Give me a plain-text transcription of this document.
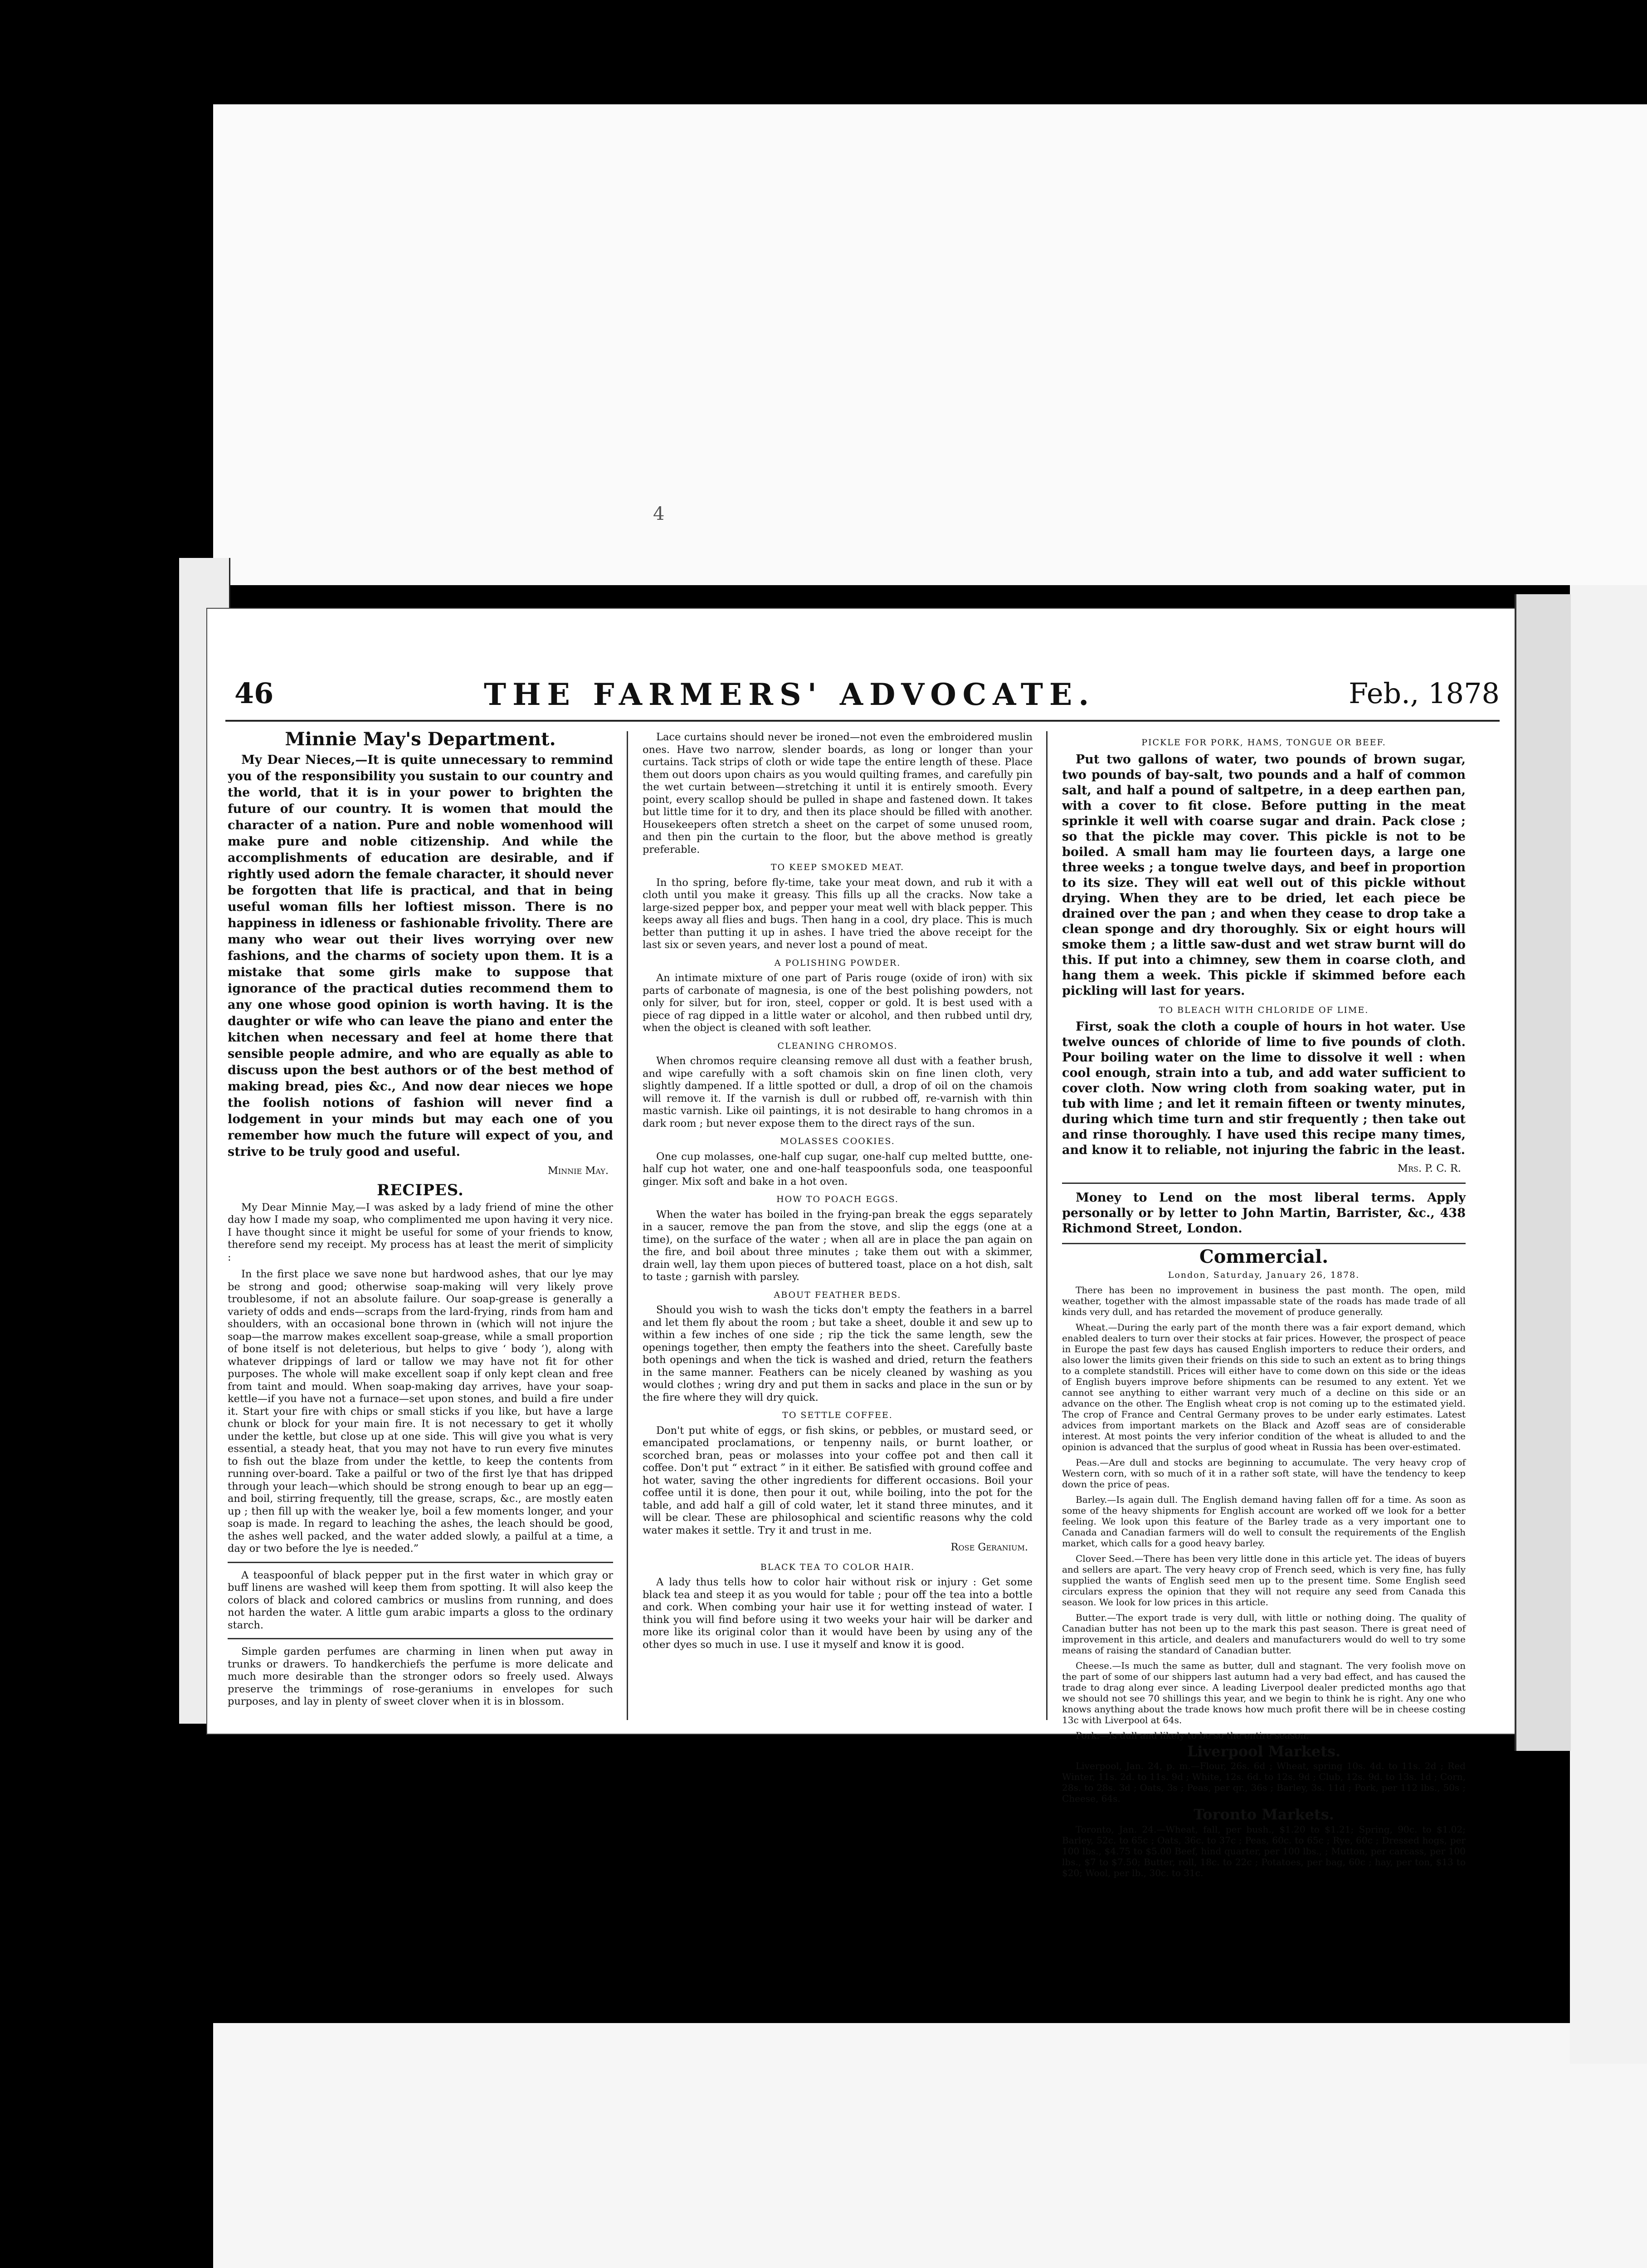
4
46	THE FARMERS' ADVOCATE.	Feb., 1878
Minnie May's Department.

My Dear Nieces,—It is quite unnecessary to remmind you of the responsibility you sustain to our country and the world, that it is in your power to brighten the future of our country. It is women that mould the character of a nation. Pure and noble womenhood will make pure and noble citizenship. And while the accomplishments of education are desirable, and if rightly used adorn the female character, it should never be forgotten that life is practical, and that in being useful woman fills her loftiest misson. There is no happiness in idleness or fashionable frivolity. There are many who wear out their lives worrying over new fashions, and the charms of society upon them. It is a mistake that some girls make to suppose that ignorance of the practical duties recommend them to any one whose good opinion is worth having. It is the daughter or wife who can leave the piano and enter the kitchen when necessary and feel at home there that sensible people admire, and who are equally as able to discuss upon the best authors or of the best method of making bread, pies &c., And now dear nieces we hope the foolish notions of fashion will never find a lodgement in your minds but may each one of you remember how much the future will expect of you, and strive to be truly good and useful.

Minnie May.
RECIPES.

My Dear Minnie May,—I was asked by a lady friend of mine the other day how I made my soap, who complimented me upon having it very nice. I have thought since it might be useful for some of your friends to know, therefore send my receipt. My process has at least the merit of simplicity :

In the first place we save none but hardwood ashes, that our lye may be strong and good; otherwise soap-making will very likely prove troublesome, if not an absolute failure. Our soap-grease is generally a variety of odds and ends—scraps from the lard-frying, rinds from ham and shoulders, with an occasional bone thrown in (which will not injure the soap—the marrow makes excellent soap-grease, while a small proportion of bone itself is not deleterious, but helps to give ‘ body ’), along with whatever drippings of lard or tallow we may have not fit for other purposes. The whole will make excellent soap if only kept clean and free from taint and mould. When soap-making day arrives, have your soap-kettle—if you have not a furnace—set upon stones, and build a fire under it. Start your fire with chips or small sticks if you like, but have a large chunk or block for your main fire. It is not necessary to get it wholly under the kettle, but close up at one side. This will give you what is very essential, a steady heat, that you may not have to run every five minutes to fish out the blaze from under the kettle, to keep the contents from running over-board. Take a pailful or two of the first lye that has dripped through your leach—which should be strong enough to bear up an egg—and boil, stirring frequently, till the grease, scraps, &c., are mostly eaten up ; then fill up with the weaker lye, boil a few moments longer, and your soap is made. In regard to leaching the ashes, the leach should be good, the ashes well packed, and the water added slowly, a pailful at a time, a day or two before the lye is needed.”

A teaspoonful of black pepper put in the first water in which gray or buff linens are washed will keep them from spotting. It will also keep the colors of black and colored cambrics or muslins from running, and does not harden the water. A little gum arabic imparts a gloss to the ordinary starch.

Simple garden perfumes are charming in linen when put away in trunks or drawers. To handkerchiefs the perfume is more delicate and much more desirable than the stronger odors so freely used. Always preserve the trimmings of rose-geraniums in envelopes for such purposes, and lay in plenty of sweet clover when it is in blossom.

Lace curtains should never be ironed—not even the embroidered muslin ones. Have two narrow, slender boards, as long or longer than your curtains. Tack strips of cloth or wide tape the entire length of these. Place them out doors upon chairs as you would quilting frames, and carefully pin the wet curtain between—stretching it until it is entirely smooth. Every point, every scallop should be pulled in shape and fastened down. It takes but little time for it to dry, and then its place should be filled with another. Housekeepers often stretch a sheet on the carpet of some unused room, and then pin the curtain to the floor, but the above method is greatly preferable.

TO KEEP SMOKED MEAT.

In tho spring, before fly-time, take your meat down, and rub it with a cloth until you make it greasy. This fills up all the cracks. Now take a large-sized pepper box, and pepper your meat well with black pepper. This keeps away all flies and bugs. Then hang in a cool, dry place. This is much better than putting it up in ashes. I have tried the above receipt for the last six or seven years, and never lost a pound of meat.

A POLISHING POWDER.

An intimate mixture of one part of Paris rouge (oxide of iron) with six parts of carbonate of magnesia, is one of the best polishing powders, not only for silver, but for iron, steel, copper or gold. It is best used with a piece of rag dipped in a little water or alcohol, and then rubbed until dry, when the object is cleaned with soft leather.

CLEANING CHROMOS.

When chromos require cleansing remove all dust with a feather brush, and wipe carefully with a soft chamois skin on fine linen cloth, very slightly dampened. If a little spotted or dull, a drop of oil on the chamois will remove it. If the varnish is dull or rubbed off, re-varnish with thin mastic varnish. Like oil paintings, it is not desirable to hang chromos in a dark room ; but never expose them to the direct rays of the sun.

MOLASSES COOKIES.

One cup molasses, one-half cup sugar, one-half cup melted buttte, one-half cup hot water, one and one-half teaspoonfuls soda, one teaspoonful ginger. Mix soft and bake in a hot oven.

HOW TO POACH EGGS.

When the water has boiled in the frying-pan break the eggs separately in a saucer, remove the pan from the stove, and slip the eggs (one at a time), on the surface of the water ; when all are in place the pan again on the fire, and boil about three minutes ; take them out with a skimmer, drain well, lay them upon pieces of buttered toast, place on a hot dish, salt to taste ; garnish with parsley.

ABOUT FEATHER BEDS.

Should you wish to wash the ticks don't empty the feathers in a barrel and let them fly about the room ; but take a sheet, double it and sew up to within a few inches of one side ; rip the tick the same length, sew the openings together, then empty the feathers into the sheet. Carefully baste both openings and when the tick is washed and dried, return the feathers in the same manner. Feathers can be nicely cleaned by washing as you would clothes ; wring dry and put them in sacks and place in the sun or by the fire where they will dry quick.

TO SETTLE COFFEE.

Don't put white of eggs, or fish skins, or pebbles, or mustard seed, or emancipated proclamations, or tenpenny nails, or burnt loather, or scorched bran, peas or molasses into your coffee pot and then call it coffee. Don't put “ extract ” in it either. Be satisfied with ground coffee and hot water, saving the other ingredients for different occasions. Boil your coffee until it is done, then pour it out, while boiling, into the pot for the table, and add half a gill of cold water, let it stand three minutes, and it will be clear. These are philosophical and scientific reasons why the cold water makes it settle. Try it and trust in me.

Rose Geranium.
BLACK TEA TO COLOR HAIR.

A lady thus tells how to color hair without risk or injury : Get some black tea and steep it as you would for table ; pour off the tea into a bottle and cork. When combing your hair use it for wetting instead of water. I think you will find before using it two weeks your hair will be darker and more like its original color than it would have been by using any of the other dyes so much in use. I use it myself and know it is good.

PICKLE FOR PORK, HAMS, TONGUE OR BEEF.

Put two gallons of water, two pounds of brown sugar, two pounds of bay-salt, two pounds and a half of common salt, and half a pound of saltpetre, in a deep earthen pan, with a cover to fit close. Before putting in the meat sprinkle it well with coarse sugar and drain. Pack close ; so that the pickle may cover. This pickle is not to be boiled. A small ham may lie fourteen days, a large one three weeks ; a tongue twelve days, and beef in proportion to its size. They will eat well out of this pickle without drying. When they are to be dried, let each piece be drained over the pan ; and when they cease to drop take a clean sponge and dry thoroughly. Six or eight hours will smoke them ; a little saw-dust and wet straw burnt will do this. If put into a chimney, sew them in coarse cloth, and hang them a week. This pickle if skimmed before each pickling will last for years.

TO BLEACH WITH CHLORIDE OF LIME.

First, soak the cloth a couple of hours in hot water. Use twelve ounces of chloride of lime to five pounds of cloth. Pour boiling water on the lime to dissolve it well : when cool enough, strain into a tub, and add water sufficient to cover cloth. Now wring cloth from soaking water, put in tub with lime ; and let it remain fifteen or twenty minutes, during which time turn and stir frequently ; then take out and rinse thoroughly. I have used this recipe many times, and know it to reliable, not injuring the fabric in the least.

Mrs. P. C. R.

Money to Lend on the most liberal terms. Apply personally or by letter to John Martin, Barrister, &c., 438 Richmond Street, London.

Commercial.
London, Saturday, January 26, 1878.

There has been no improvement in business the past month. The open, mild weather, together with the almost impassable state of the roads has made trade of all kinds very dull, and has retarded the movement of produce generally.

Wheat.—During the early part of the month there was a fair export demand, which enabled dealers to turn over their stocks at fair prices. However, the prospect of peace in Europe the past few days has caused English importers to reduce their orders, and also lower the limits given their friends on this side to such an extent as to bring things to a complete standstill. Prices will either have to come down on this side or the ideas of English buyers improve before shipments can be resumed to any extent. Yet we cannot see anything to either warrant very much of a decline on this side or an advance on the other. The English wheat crop is not coming up to the estimated yield. The crop of France and Central Germany proves to be under early estimates. Latest advices from important markets on the Black and Azoff seas are of considerable interest. At most points the very inferior condition of the wheat is alluded to and the opinion is advanced that the surplus of good wheat in Russia has been over-estimated.

Peas.—Are dull and stocks are beginning to accumulate. The very heavy crop of Western corn, with so much of it in a rather soft state, will have the tendency to keep down the price of peas.

Barley.—Is again dull. The English demand having fallen off for a time. As soon as some of the heavy shipments for English account are worked off we look for a better feeling. We look upon this feature of the Barley trade as a very important one to Canada and Canadian farmers will do well to consult the requirements of the English market, which calls for a good heavy barley.

Clover Seed.—There has been very little done in this article yet. The ideas of buyers and sellers are apart. The very heavy crop of French seed, which is very fine, has fully supplied the wants of English seed men up to the present time. Some English seed circulars express the opinion that they will not require any seed from Canada this season. We look for low prices in this article.

Butter.—The export trade is very dull, with little or nothing doing. The quality of Canadian butter has not been up to the mark this past season. There is great need of improvement in this article, and dealers and manufacturers would do well to try some means of raising the standard of Canadian butter.

Cheese.—Is much the same as butter, dull and stagnant. The very foolish move on the part of some of our shippers last autumn had a very bad effect, and has caused the trade to drag along ever since. A leading Liverpool dealer predicted months ago that we should not see 70 shillings this year, and we begin to think he is right. Any one who knows anything about the trade knows how much profit there will be in cheese costing 13c with Liverpool at 64s.

Pork.—Is dull and likely to be so the entire season.

Liverpool Markets.

Liverpool, Jan. 24, p. m.—Flour, 26s. 6d ; Wheat, spring 10s. 4d. to 11s. 2d ; Red Winter, 11s. 2d. to 11s. 9d ; White, 12s. 6d. to 12s. 9d ; Club, 12s. 9d. to 13s. 1d ; Corn, 28s. to 28s. 3d ; Oats, 3s ; Peas, per qr., 36s ; Barley, 3s. 11d ; Pork, per 112 lbs., 50s ; Cheese, 64s.

Toronto Markets.

Toronto, Jan. 24.—Wheat, fall, per bush., $1.20 to $1.21; Spring, 90c. to $1.02; Barley, 52c. to 65c ; Oats, 36c. to 37c ; Peas, 60c. to 65c ; Rye, 60c ; Dressed hogs, per 100 lbs., $4.75 to $5.00 Beef, hind quarter, per 100 lbs., ; Mutton, per carcass, per 100 lbs., $7 to $7.50; Butter, roll, 18c. to 22c ; Potatoes, per bag, 60c ; hay, per ton, $13 to $20; Wool, per lb., 30c. to 31c.
